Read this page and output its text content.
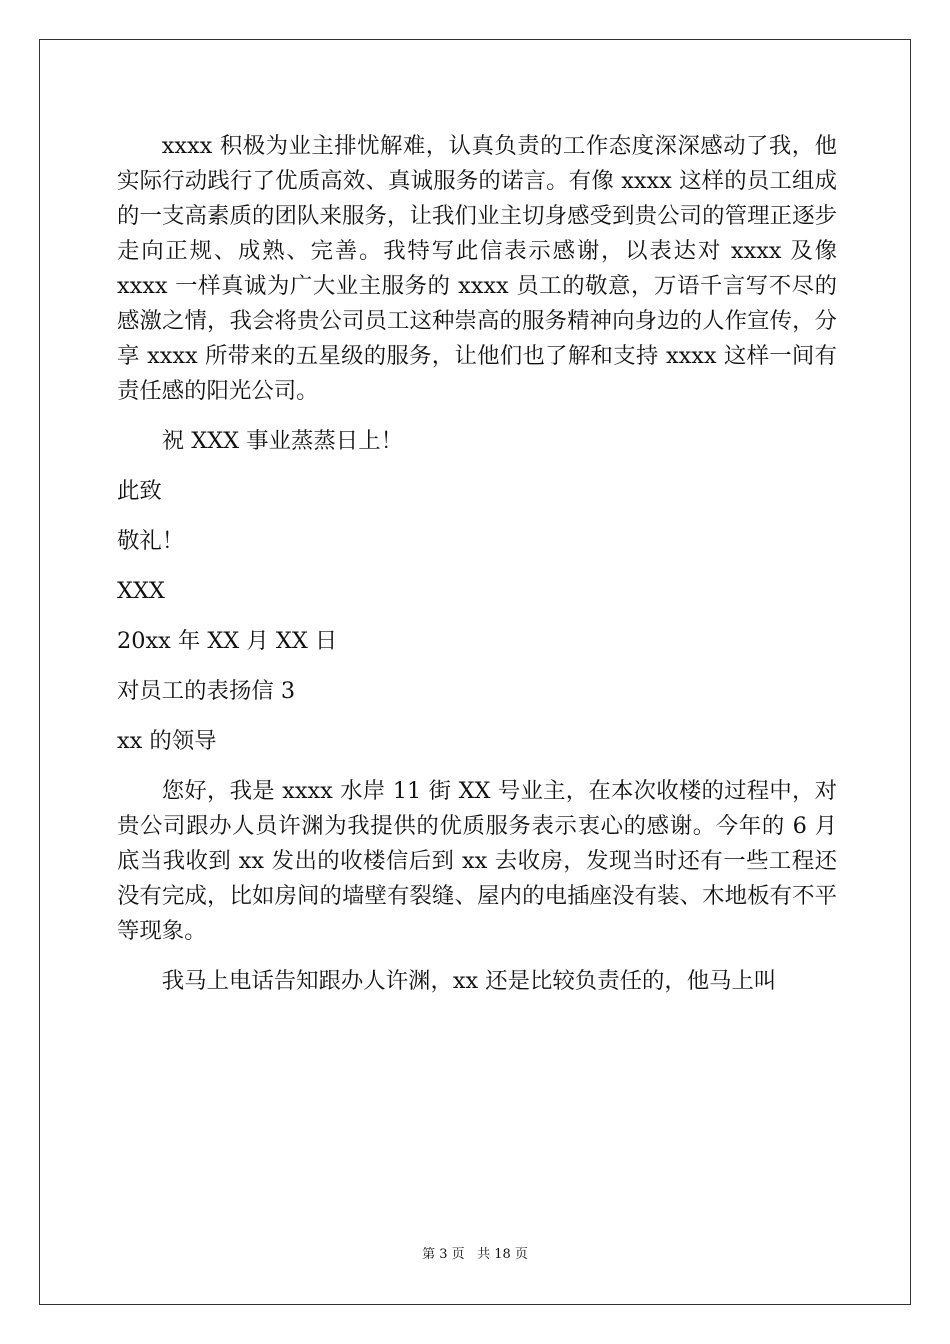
xxxx 积极为业主排忧解难，认真负责的工作态度深深感动了我，他实际行动践行了优质高效、真诚服务的诺言。有像 xxxx 这样的员工组成的一支高素质的团队来服务，让我们业主切身感受到贵公司的管理正逐步走向正规、成熟、完善。我特写此信表示感谢，以表达对 xxxx 及像 xxxx 一样真诚为广大业主服务的 xxxx 员工的敬意，万语千言写不尽的感激之情，我会将贵公司员工这种崇高的服务精神向身边的人作宣传，分享 xxxx 所带来的五星级的服务，让他们也了解和支持 xxxx 这样一间有责任感的阳光公司。

祝 XXX 事业蒸蒸日上！

此致

敬礼！

XXX

20xx 年 XX 月 XX 日

对员工的表扬信 3

xx 的领导

您好，我是 xxxx 水岸 11 街 XX 号业主，在本次收楼的过程中，对贵公司跟办人员许渊为我提供的优质服务表示衷心的感谢。今年的 6 月底当我收到 xx 发出的收楼信后到 xx 去收房，发现当时还有一些工程还没有完成，比如房间的墙壁有裂缝、屋内的电插座没有装、木地板有不平等现象。

我马上电话告知跟办人许渊，xx 还是比较负责任的，他马上叫

第 3 页 共 18 页
